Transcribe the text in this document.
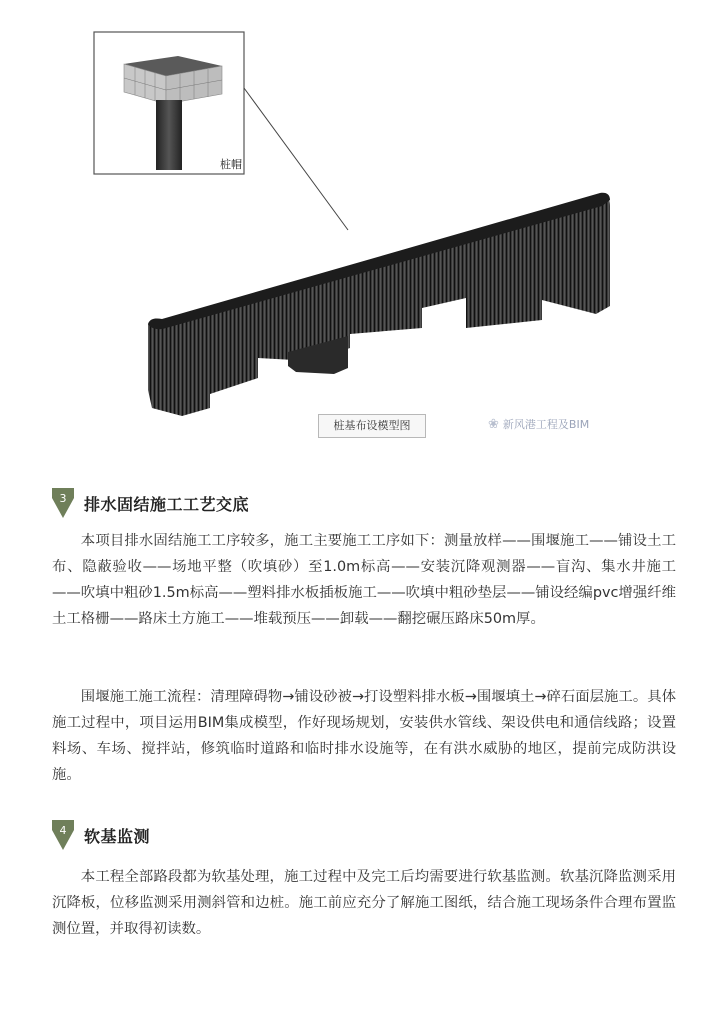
桩帽
桩基布设模型图	❀ 新风港工程及BIM
3 排水固结施工工艺交底
本项目排水固结施工工序较多，施工主要施工工序如下：测量放样——围堰施工——铺设土工布、隐蔽验收——场地平整（吹填砂）至1.0m标高——安装沉降观测器——盲沟、集水井施工——吹填中粗砂1.5m标高——塑料排水板插板施工——吹填中粗砂垫层——铺设经编pvc增强纤维土工格栅——路床土方施工——堆载预压——卸载——翻挖碾压路床50m厚。
围堰施工施工流程：清理障碍物→铺设砂被→打设塑料排水板→围堰填土→碎石面层施工。具体施工过程中，项目运用BIM集成模型，作好现场规划，安装供水管线、架设供电和通信线路；设置料场、车场、搅拌站，修筑临时道路和临时排水设施等，在有洪水威胁的地区，提前完成防洪设施。
4 软基监测
本工程全部路段都为软基处理，施工过程中及完工后均需要进行软基监测。软基沉降监测采用沉降板，位移监测采用测斜管和边桩。施工前应充分了解施工图纸，结合施工现场条件合理布置监测位置，并取得初读数。
